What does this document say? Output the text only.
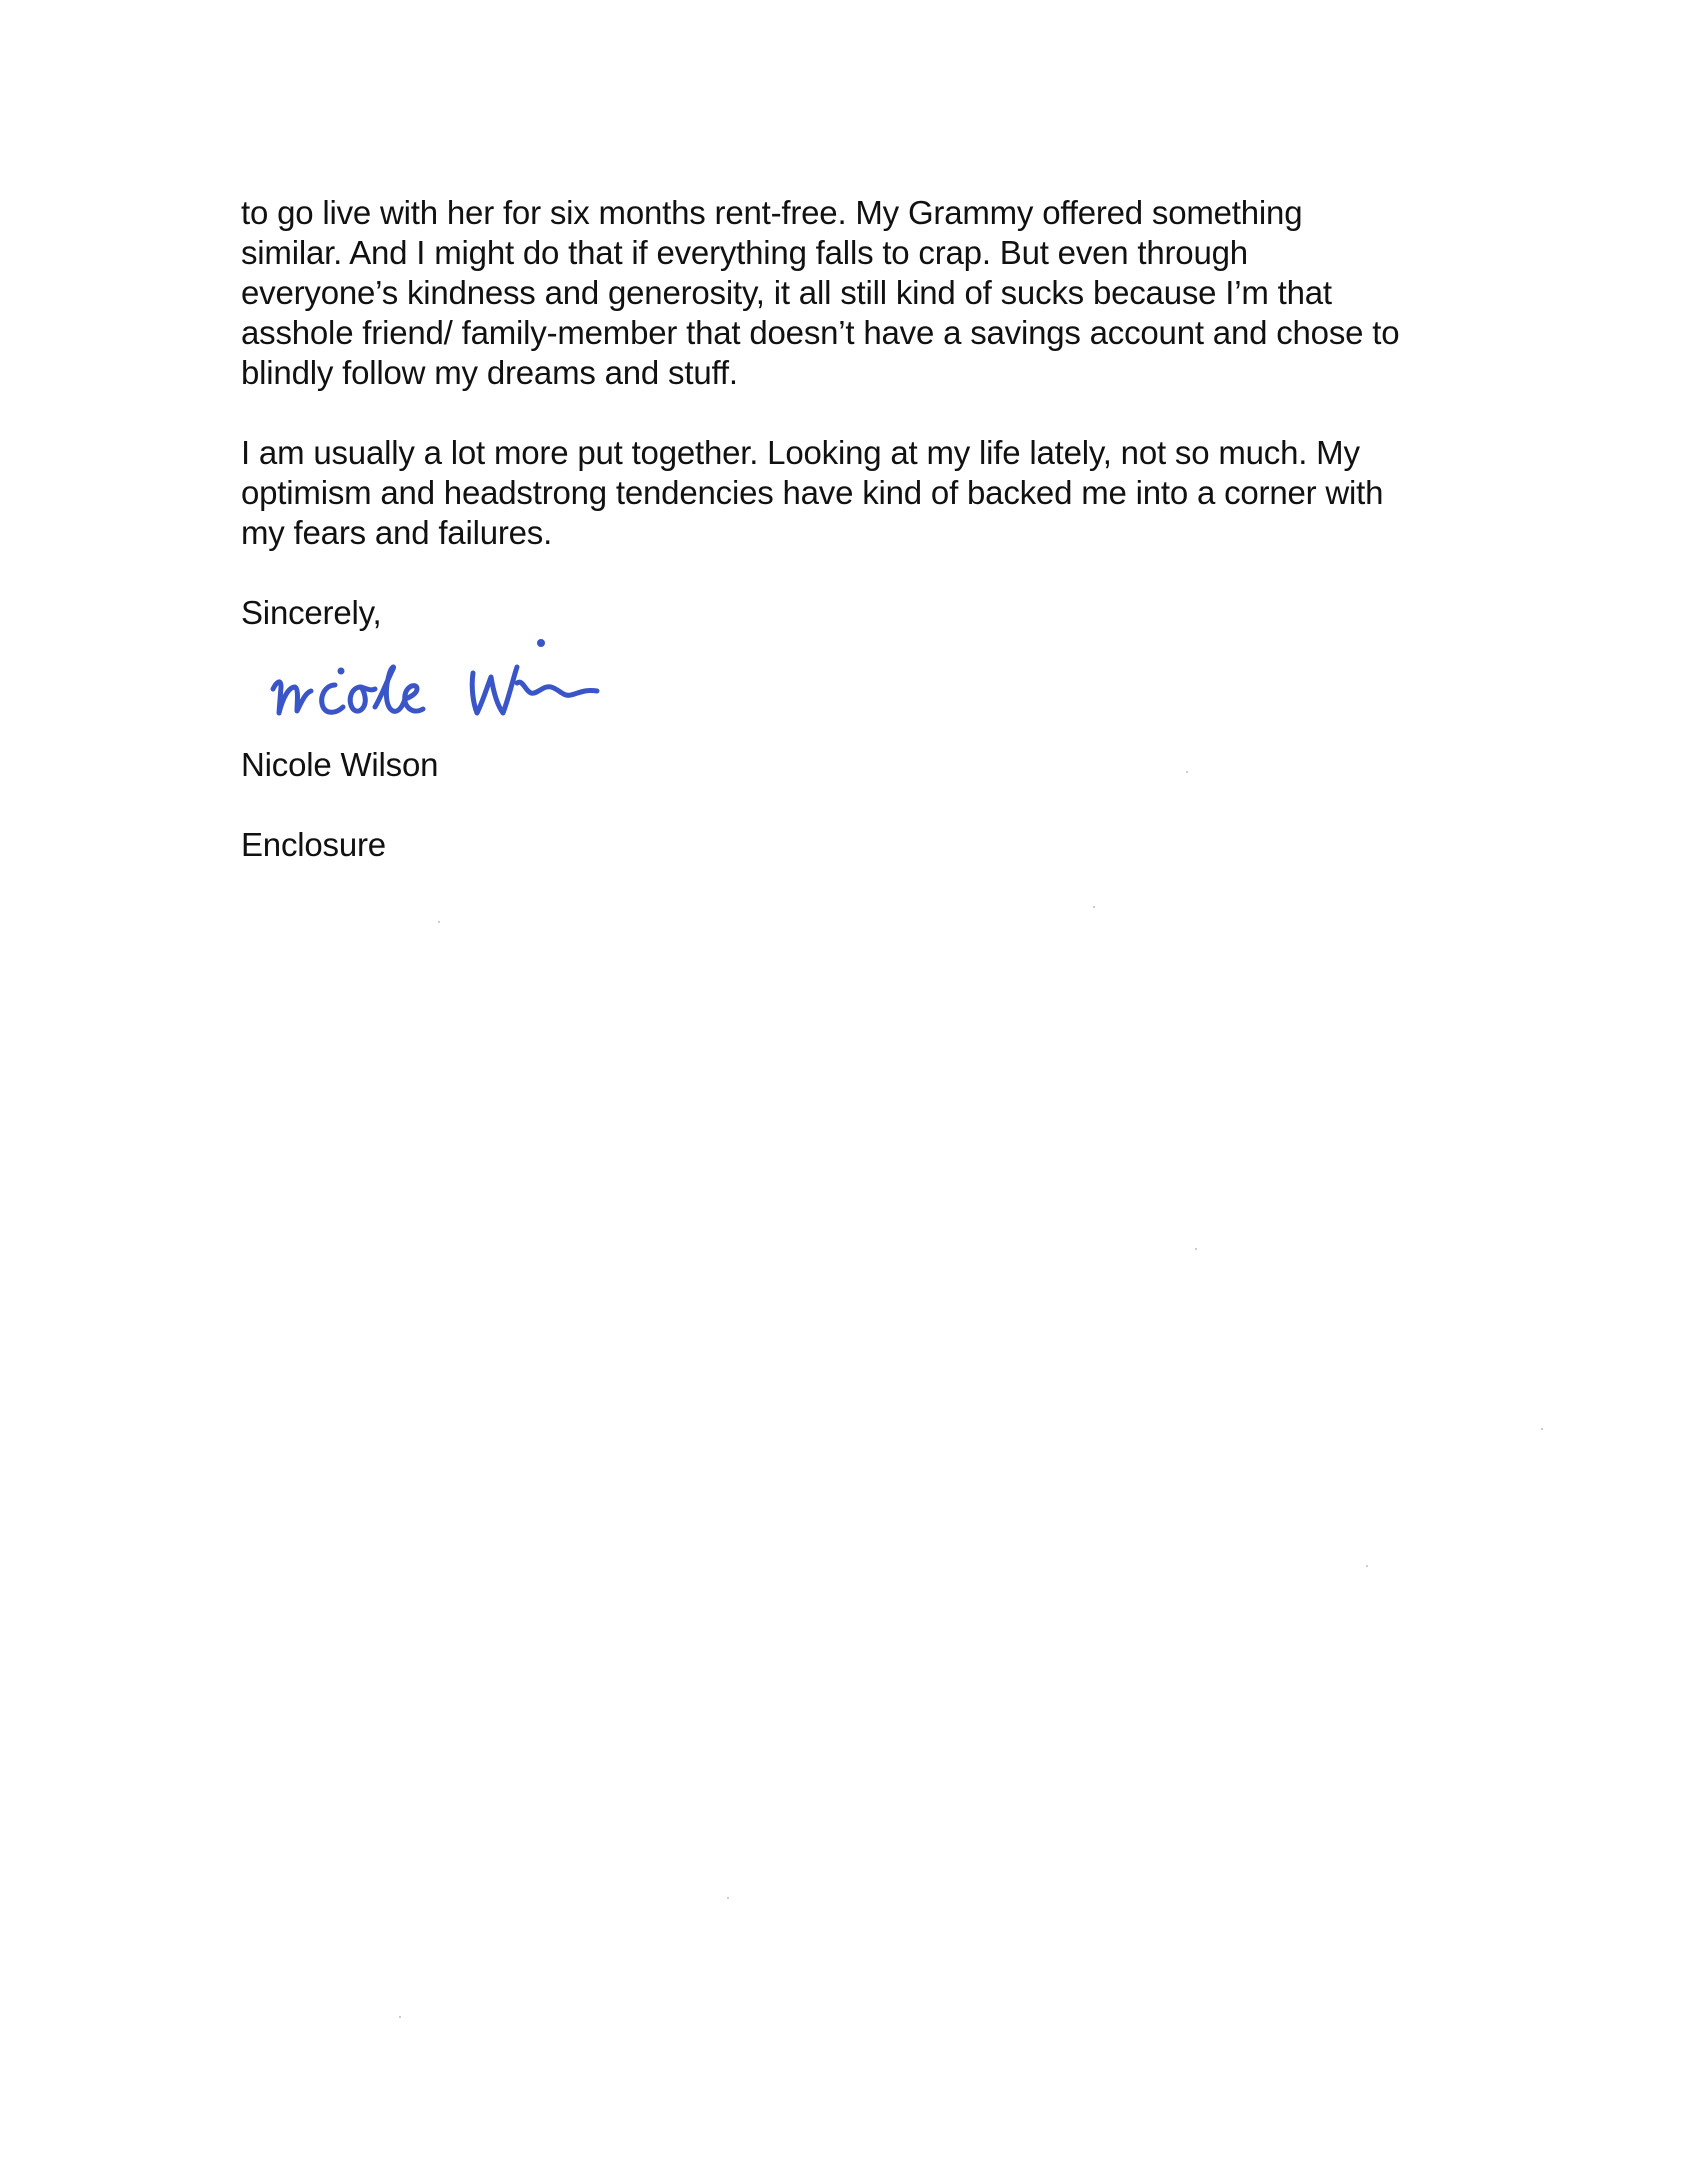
to go live with her for six months rent-free. My Grammy offered something
similar. And I might do that if everything falls to crap. But even through
everyone’s kindness and generosity, it all still kind of sucks because I’m that
asshole friend/ family-member that doesn’t have a savings account and chose to
blindly follow my dreams and stuff.

I am usually a lot more put together. Looking at my life lately, not so much. My
optimism and headstrong tendencies have kind of backed me into a corner with
my fears and failures.

Sincerely,

Nicole Wilson

Enclosure
